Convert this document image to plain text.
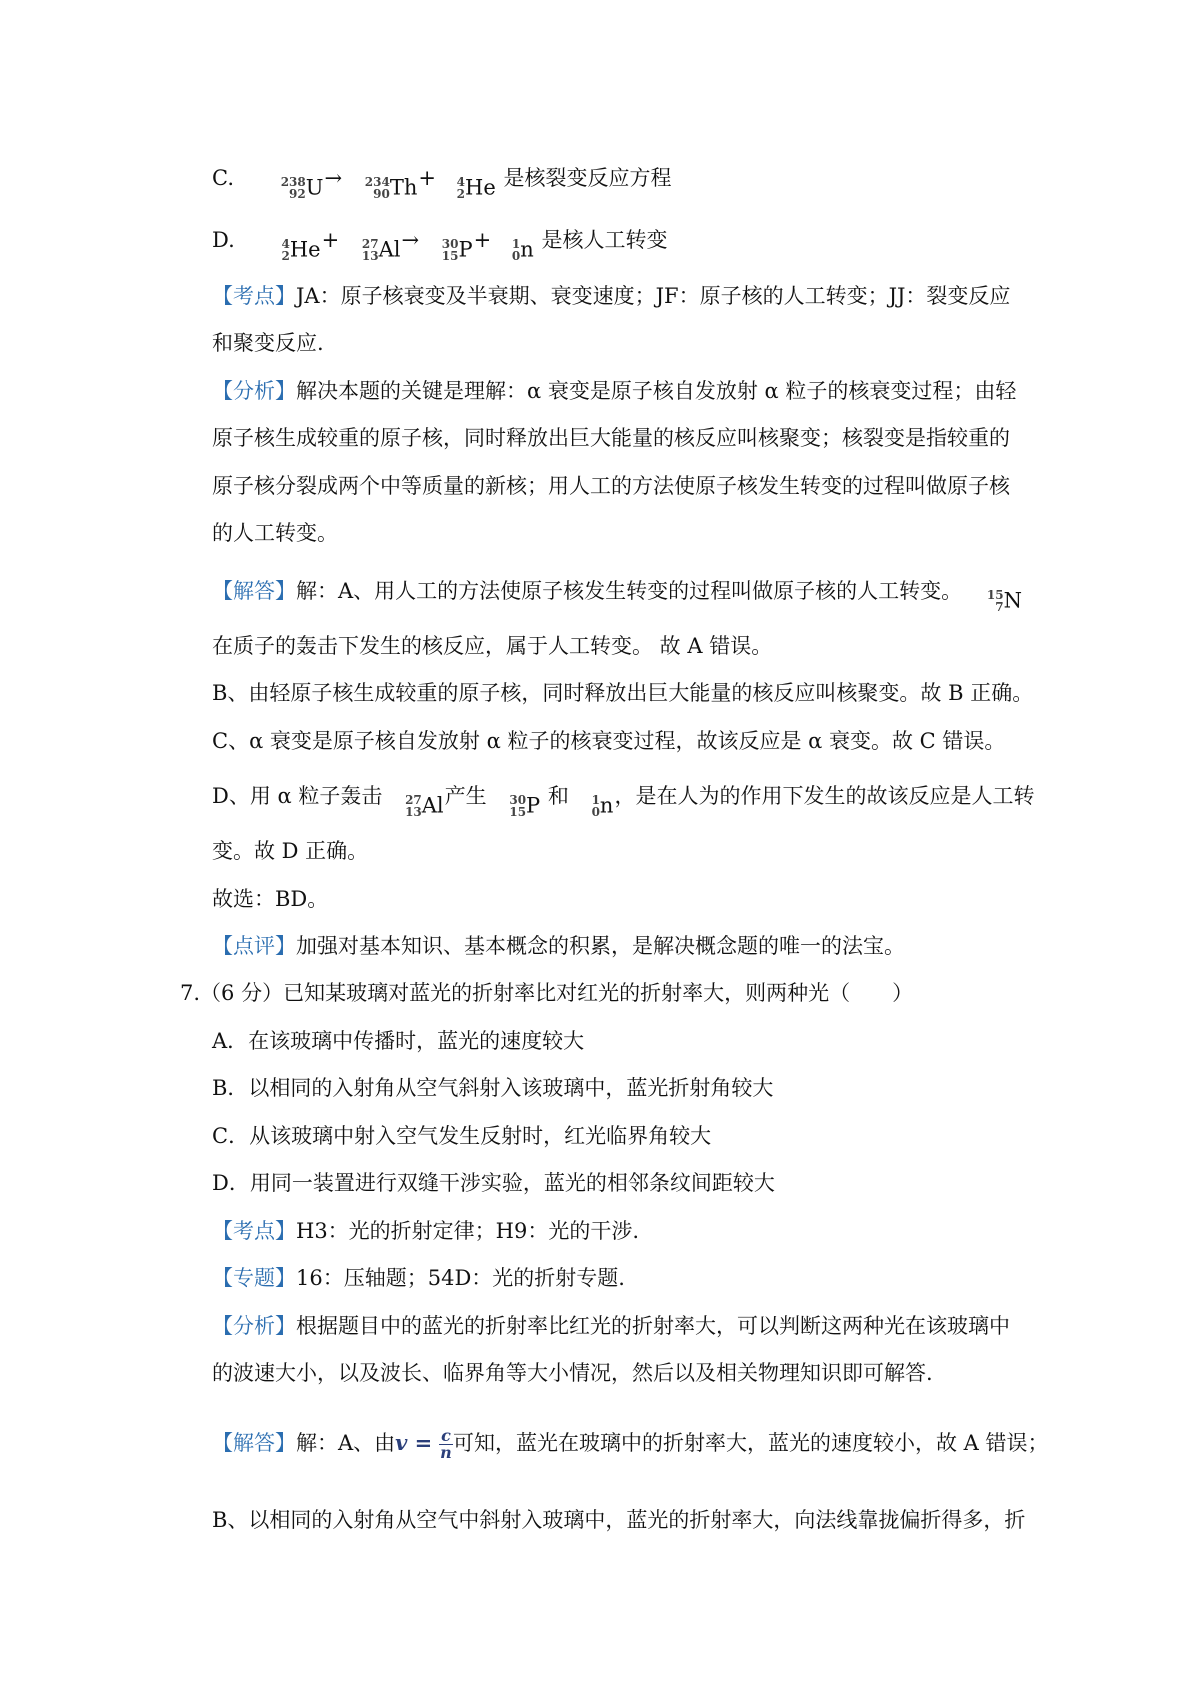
C.	238
92 U→ 234
90 Th+ 4
2 He 是核裂变反应方程
D.	4
2 He+ 27
13 Al→ 30
15 P+ 1
0 n 是核人工转变
【考点】JA：原子核衰变及半衰期、衰变速度；JF：原子核的人工转变；JJ：裂变反应
和聚变反应.
【分析】解决本题的关键是理解：α 衰变是原子核自发放射 α 粒子的核衰变过程；由轻
原子核生成较重的原子核，同时释放出巨大能量的核反应叫核聚变；核裂变是指较重的
原子核分裂成两个中等质量的新核；用人工的方法使原子核发生转变的过程叫做原子核
的人工转变。
【解答】解：A、用人工的方法使原子核发生转变的过程叫做原子核的人工转变。 15
7 N
在质子的轰击下发生的核反应，属于人工转变。 故 A 错误。
B、由轻原子核生成较重的原子核，同时释放出巨大能量的核反应叫核聚变。故 B 正确。
C、α 衰变是原子核自发放射 α 粒子的核衰变过程，故该反应是 α 衰变。故 C 错误。
D、用 α 粒子轰击 27
13 Al产生 30
15 P 和 1
0 n，是在人为的作用下发生的故该反应是人工转
变。故 D 正确。
故选：BD。
【点评】加强对基本知识、基本概念的积累，是解决概念题的唯一的法宝。
7.（6 分）已知某玻璃对蓝光的折射率比对红光的折射率大，则两种光（　　）
A．在该玻璃中传播时，蓝光的速度较大
B．以相同的入射角从空气斜射入该玻璃中，蓝光折射角较大
C．从该玻璃中射入空气发生反射时，红光临界角较大
D．用同一装置进行双缝干涉实验，蓝光的相邻条纹间距较大
【考点】H3：光的折射定律；H9：光的干涉.
【专题】16：压轴题；54D：光的折射专题.
【分析】根据题目中的蓝光的折射率比红光的折射率大，可以判断这两种光在该玻璃中
的波速大小，以及波长、临界角等大小情况，然后以及相关物理知识即可解答.
【解答】解：A、由$v = \frac{c}{n}$ 可知，蓝光在玻璃中的折射率大，蓝光的速度较小，故 A 错误；
B、以相同的入射角从空气中斜射入玻璃中，蓝光的折射率大，向法线靠拢偏折得多，折
